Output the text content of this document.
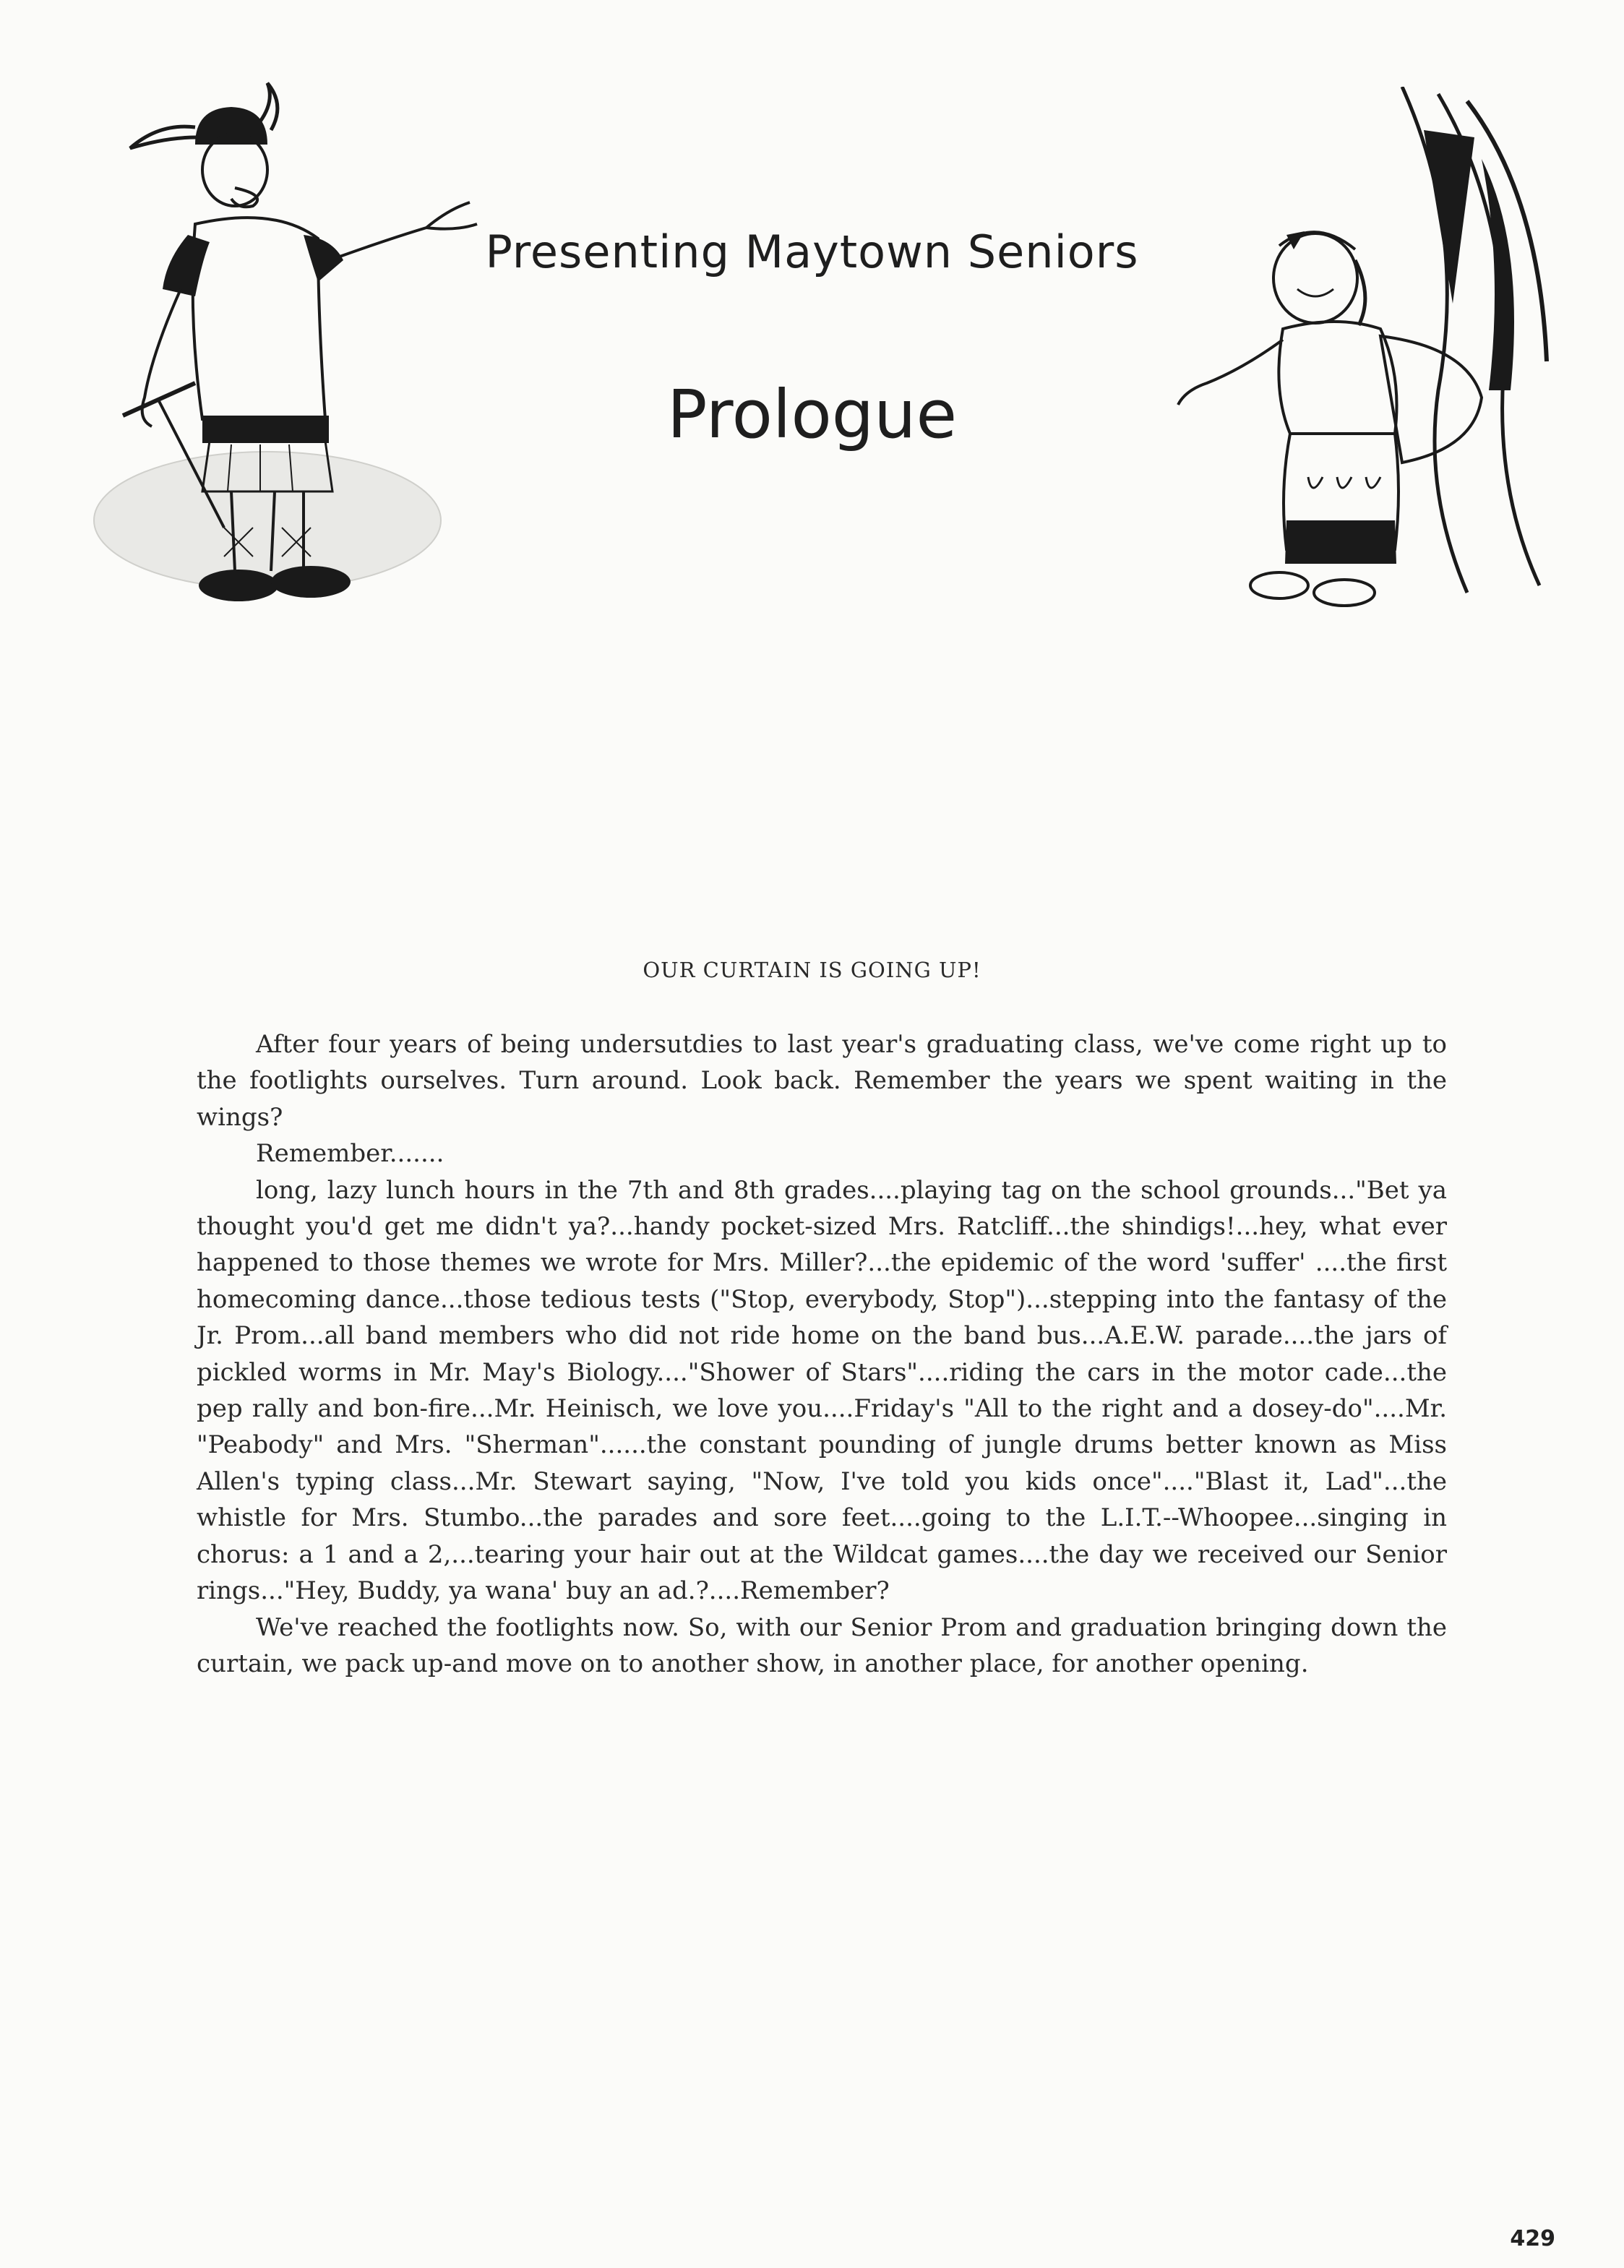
Presenting Maytown Seniors
Prologue
OUR CURTAIN IS GOING UP!

After four years of being undersutdies to last year's graduating class, we've come right up to the footlights ourselves. Turn around. Look back. Remember the years we spent waiting in the wings?

Remember.......

long, lazy lunch hours in the 7th and 8th grades....playing tag on the school grounds..."Bet ya thought you'd get me didn't ya?...handy pocket-sized Mrs. Ratcliff...the shindigs!...hey, what ever happened to those themes we wrote for Mrs. Miller?...the epidemic of the word 'suffer' ....the first homecoming dance...those tedious tests ("Stop, everybody, Stop")...stepping into the fantasy of the Jr. Prom...all band members who did not ride home on the band bus...A.E.W. parade....the jars of pickled worms in Mr. May's Biology...."Shower of Stars"....riding the cars in the motor cade...the pep rally and bon-fire...Mr. Heinisch, we love you....Friday's "All to the right and a dosey-do"....Mr. "Peabody" and Mrs. "Sherman"......the constant pounding of jungle drums better known as Miss Allen's typing class...Mr. Stewart saying, "Now, I've told you kids once"...."Blast it, Lad"...the whistle for Mrs. Stumbo...the parades and sore feet....going to the L.I.T.--Whoopee...singing in chorus: a 1 and a 2,...tearing your hair out at the Wildcat games....the day we received our Senior rings..."Hey, Buddy, ya wana' buy an ad.?....Remember?

We've reached the footlights now. So, with our Senior Prom and graduation bringing down the curtain, we pack up-and move on to another show, in another place, for another opening.

429
